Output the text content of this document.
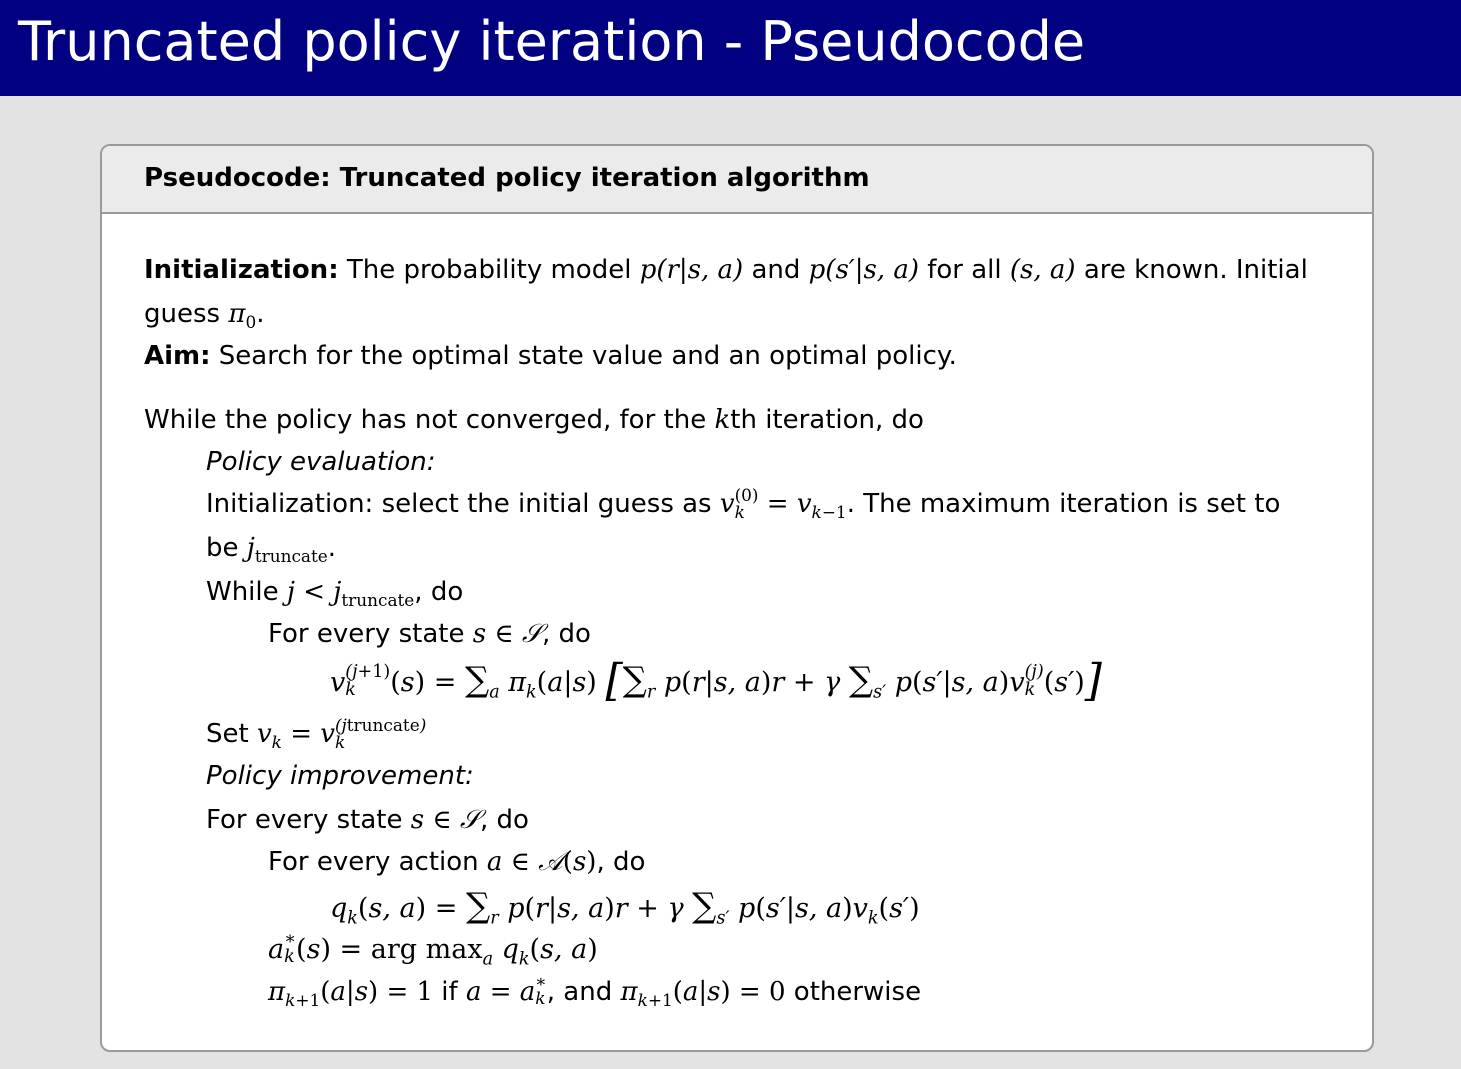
Truncated policy iteration - Pseudocode
Pseudocode: Truncated policy iteration algorithm
Initialization: The probability model p(r|s, a) and p(s′|s, a) for all (s, a) are known. Initial
guess $\pi_0$.
Aim: Search for the optimal state value and an optimal policy.
While the policy has not converged, for the kth iteration, do
Policy evaluation:
Initialization: select the initial guess as v (0)
$k = v_{k-1}$. The maximum iteration is set to
be $j_{truncate}$.
While $j < j_{truncate}$, do
For every state s ∈ 𝒮, do
v (j+1)
k	$(s) = \sum_a$ $\pi_k(a|s)$ [$\sum_r$ p(r|s, a)r + γ $\sum_{s'}$ p(s′|s, a)v (j)
k (s′)]
Set $v_k = v$ (jtruncate)
k
Policy improvement:
For every state s ∈ 𝒮, do
For every action a ∈ 𝒜(s), do
$q_k(s$, $a) = \sum_r$ p(r|s, a)r + γ $\sum_{s'}$ p(s′|s, $a)v_k(s')$
a ∗
k (s) = arg $\max_a q_k(s$, a)
$\pi_{k+1}(a|s) = 1$ if a = a ∗
k , and $\pi_{k+1}(a|s) = 0$ otherwise
